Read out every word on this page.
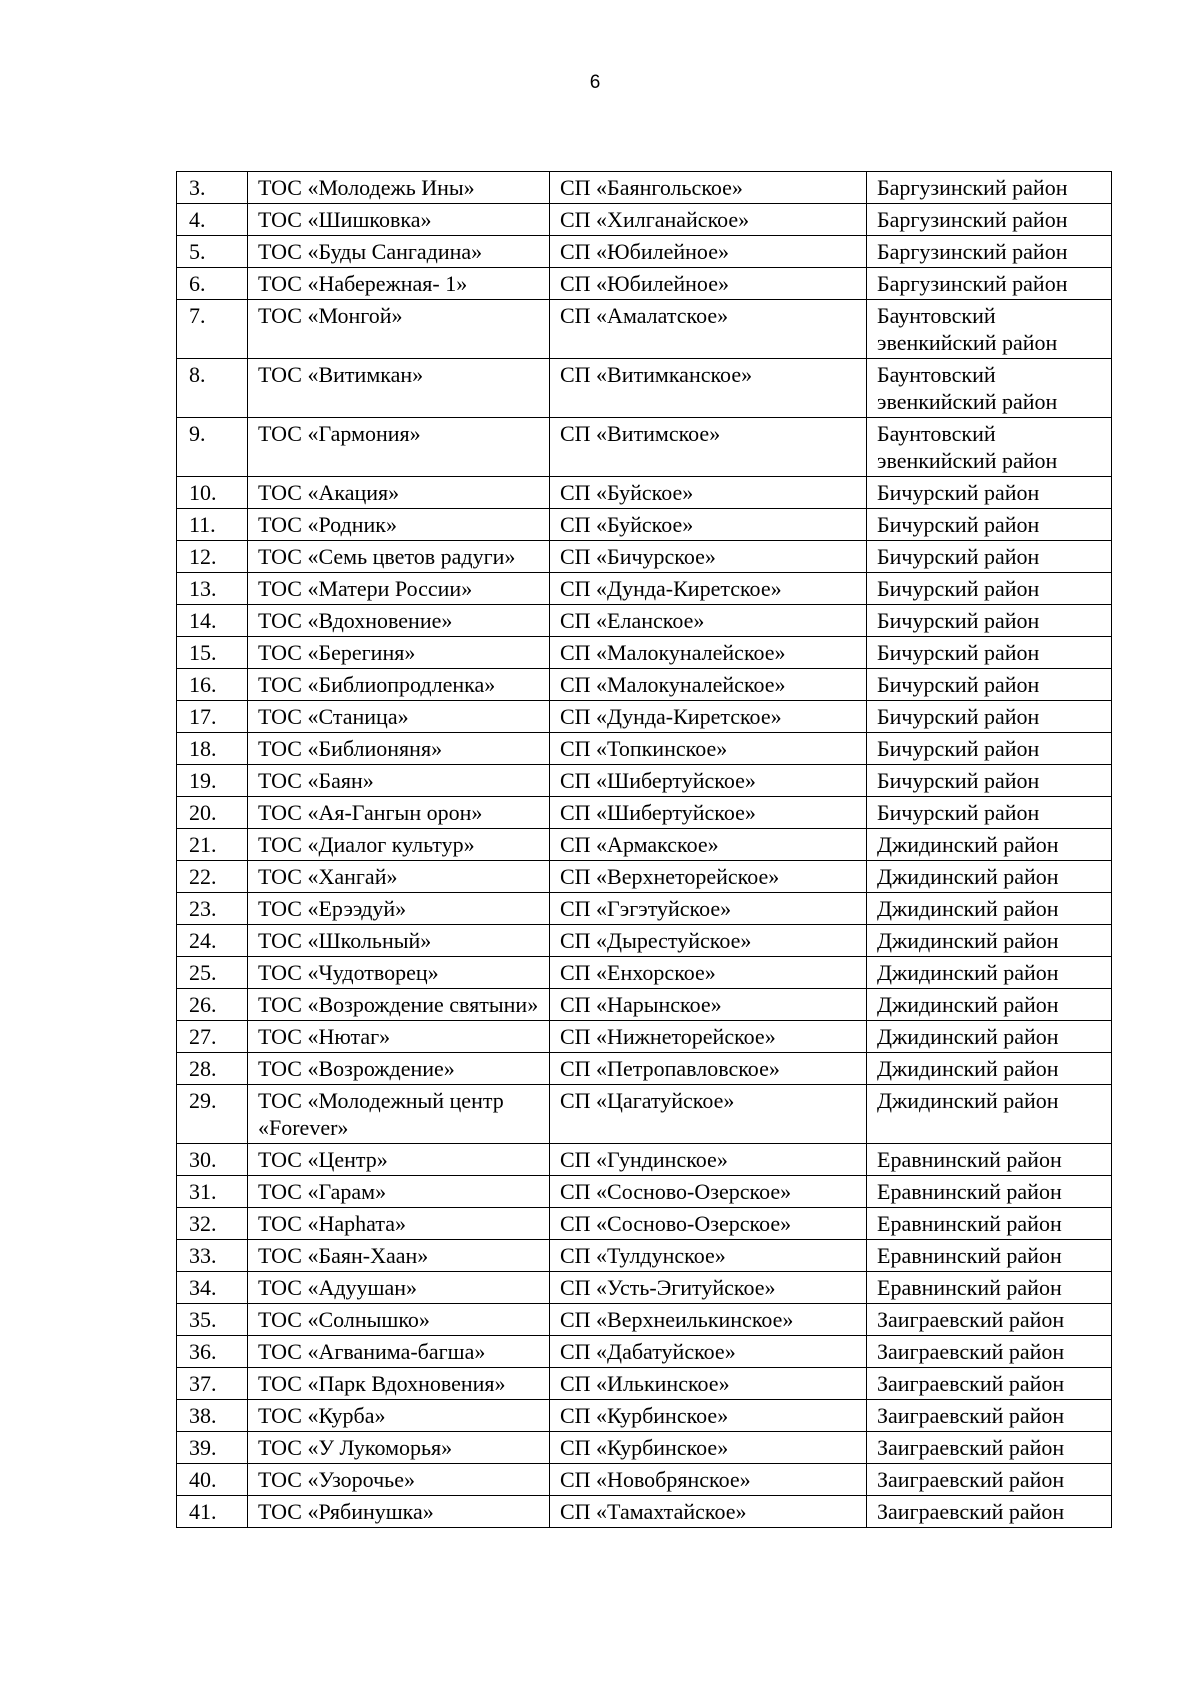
6
3.	ТОС «Молодежь Ины»	СП «Баянгольское»	Баргузинский район
4.	ТОС «Шишковка»	СП «Хилганайское»	Баргузинский район
5.	ТОС «Буды Сангадина»	СП «Юбилейное»	Баргузинский район
6.	ТОС «Набережная- 1»	СП «Юбилейное»	Баргузинский район
7.	ТОС «Монгой»	СП «Амалатское»	Баунтовский эвенкийский район
8.	ТОС «Витимкан»	СП «Витимканское»	Баунтовский эвенкийский район
9.	ТОС «Гармония»	СП «Витимское»	Баунтовский эвенкийский район
10.	ТОС «Акация»	СП «Буйское»	Бичурский район
11.	ТОС «Родник»	СП «Буйское»	Бичурский район
12.	ТОС «Семь цветов радуги»	СП «Бичурское»	Бичурский район
13.	ТОС «Матери России»	СП «Дунда-Киретское»	Бичурский район
14.	ТОС «Вдохновение»	СП «Еланское»	Бичурский район
15.	ТОС «Берегиня»	СП «Малокуналейское»	Бичурский район
16.	ТОС «Библиопродленка»	СП «Малокуналейское»	Бичурский район
17.	ТОС «Станица»	СП «Дунда-Киретское»	Бичурский район
18.	ТОС «Библионяня»	СП «Топкинское»	Бичурский район
19.	ТОС «Баян»	СП «Шибертуйское»	Бичурский район
20.	ТОС «Ая-Гангын орон»	СП «Шибертуйское»	Бичурский район
21.	ТОС «Диалог культур»	СП «Армакское»	Джидинский район
22.	ТОС «Хангай»	СП «Верхнеторейское»	Джидинский район
23.	ТОС «Ерээдуй»	СП «Гэгэтуйское»	Джидинский район
24.	ТОС «Школьный»	СП «Дырестуйское»	Джидинский район
25.	ТОС «Чудотворец»	СП «Енхорское»	Джидинский район
26.	ТОС «Возрождение святыни»	СП «Нарынское»	Джидинский район
27.	ТОС «Нютаг»	СП «Нижнеторейское»	Джидинский район
28.	ТОС «Возрождение»	СП «Петропавловское»	Джидинский район
29.	ТОС «Молодежный центр «Forever»	СП «Цагатуйское»	Джидинский район
30.	ТОС «Центр»	СП «Гундинское»	Еравнинский район
31.	ТОС «Гарам»	СП «Сосново-Озерское»	Еравнинский район
32.	ТОС «Нарhата»	СП «Сосново-Озерское»	Еравнинский район
33.	ТОС «Баян-Хаан»	СП «Тулдунское»	Еравнинский район
34.	ТОС «Адуушан»	СП «Усть-Эгитуйское»	Еравнинский район
35.	ТОС «Солнышко»	СП «Верхнеилькинское»	Заиграевский район
36.	ТОС «Агванима-багша»	СП «Дабатуйское»	Заиграевский район
37.	ТОС «Парк Вдохновения»	СП «Илькинское»	Заиграевский район
38.	ТОС «Курба»	СП «Курбинское»	Заиграевский район
39.	ТОС «У Лукоморья»	СП «Курбинское»	Заиграевский район
40.	ТОС «Узорочье»	СП «Новобрянское»	Заиграевский район
41.	ТОС «Рябинушка»	СП «Тамахтайское»	Заиграевский район
